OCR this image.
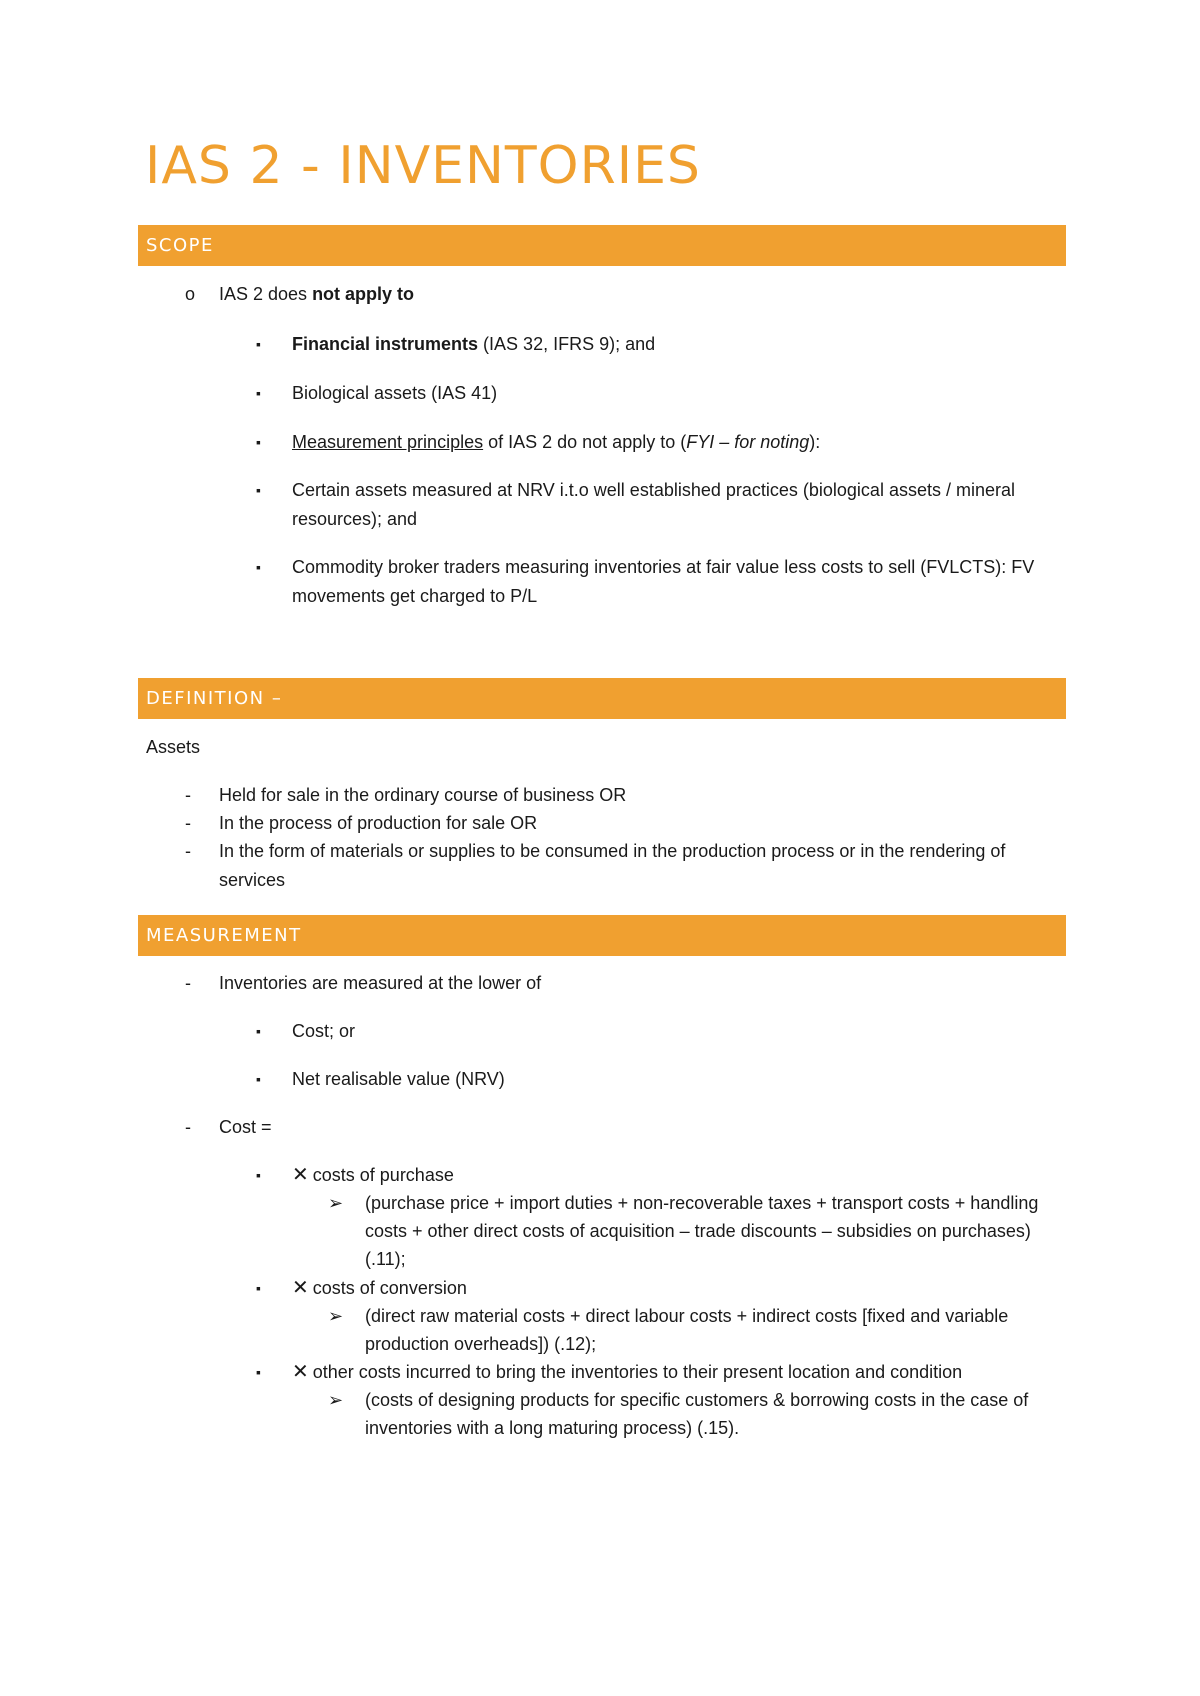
IAS 2 - INVENTORIES
SCOPE
o IAS 2 does not apply to
▪ Financial instruments (IAS 32, IFRS 9); and
▪ Biological assets (IAS 41)
▪ Measurement principles of IAS 2 do not apply to (FYI – for noting):
▪ Certain assets measured at NRV i.t.o well established practices (biological assets / mineral
resources); and
▪ Commodity broker traders measuring inventories at fair value less costs to sell (FVLCTS): FV
movements get charged to P/L
DEFINITION –
Assets
- Held for sale in the ordinary course of business OR
- In the process of production for sale OR
- In the form of materials or supplies to be consumed in the production process or in the rendering of
services
MEASUREMENT
- Inventories are measured at the lower of
▪ Cost; or
▪ Net realisable value (NRV)
- Cost =
▪ ✕ costs of purchase
➢ (purchase price + import duties + non-recoverable taxes + transport costs + handling
costs + other direct costs of acquisition – trade discounts – subsidies on purchases)
(.11);
▪ ✕ costs of conversion
➢ (direct raw material costs + direct labour costs + indirect costs [fixed and variable
production overheads]) (.12);
▪ ✕ other costs incurred to bring the inventories to their present location and condition
➢ (costs of designing products for specific customers & borrowing costs in the case of
inventories with a long maturing process) (.15).
